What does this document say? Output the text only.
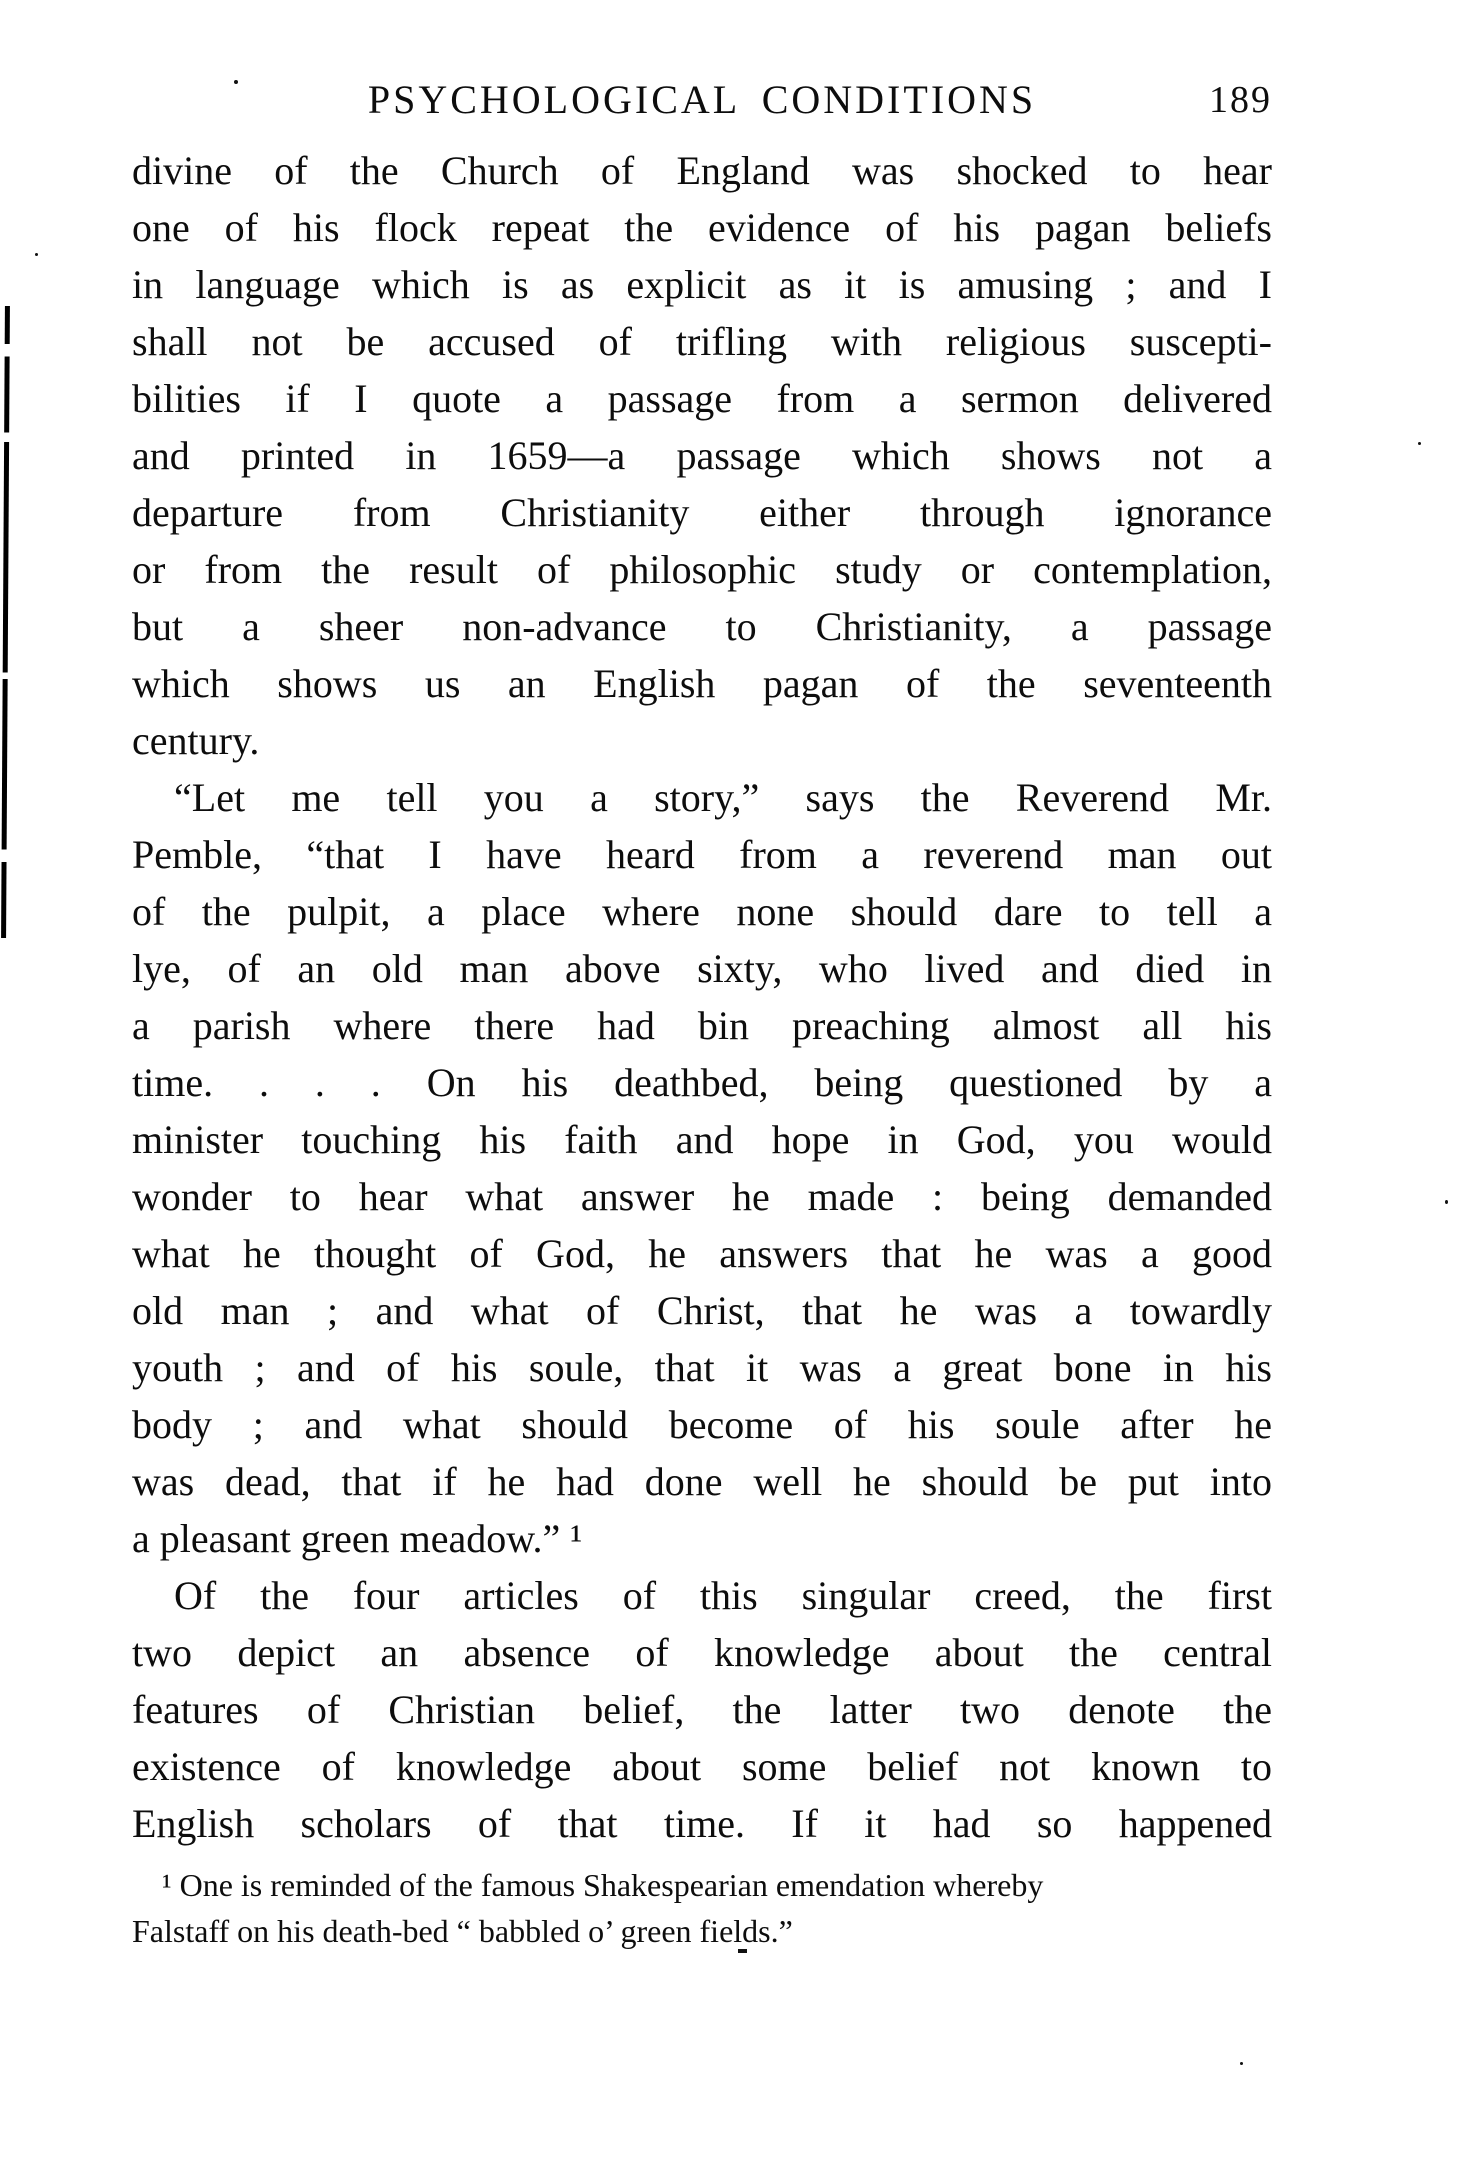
PSYCHOLOGICAL CONDITIONS	189
divine of the Church of England was shocked to hear
one of his flock repeat the evidence of his pagan beliefs
in language which is as explicit as it is amusing ; and I
shall not be accused of trifling with religious suscepti-
bilities if I quote a passage from a sermon delivered
and printed in 1659—a passage which shows not a
departure from Christianity either through ignorance
or from the result of philosophic study or contemplation,
but a sheer non-advance to Christianity, a passage
which shows us an English pagan of the seventeenth
century.
“Let me tell you a story,” says the Reverend Mr.
Pemble, “that I have heard from a reverend man out
of the pulpit, a place where none should dare to tell a
lye, of an old man above sixty, who lived and died in
a parish where there had bin preaching almost all his
time. . . . On his deathbed, being questioned by a
minister touching his faith and hope in God, you would
wonder to hear what answer he made : being demanded
what he thought of God, he answers that he was a good
old man ; and what of Christ, that he was a towardly
youth ; and of his soule, that it was a great bone in his
body ; and what should become of his soule after he
was dead, that if he had done well he should be put into
a pleasant green meadow.” ¹
Of the four articles of this singular creed, the first
two depict an absence of knowledge about the central
features of Christian belief, the latter two denote the
existence of knowledge about some belief not known to
English scholars of that time. If it had so happened
¹ One is reminded of the famous Shakespearian emendation whereby
Falstaff on his death-bed “ babbled o’ green fields.”
